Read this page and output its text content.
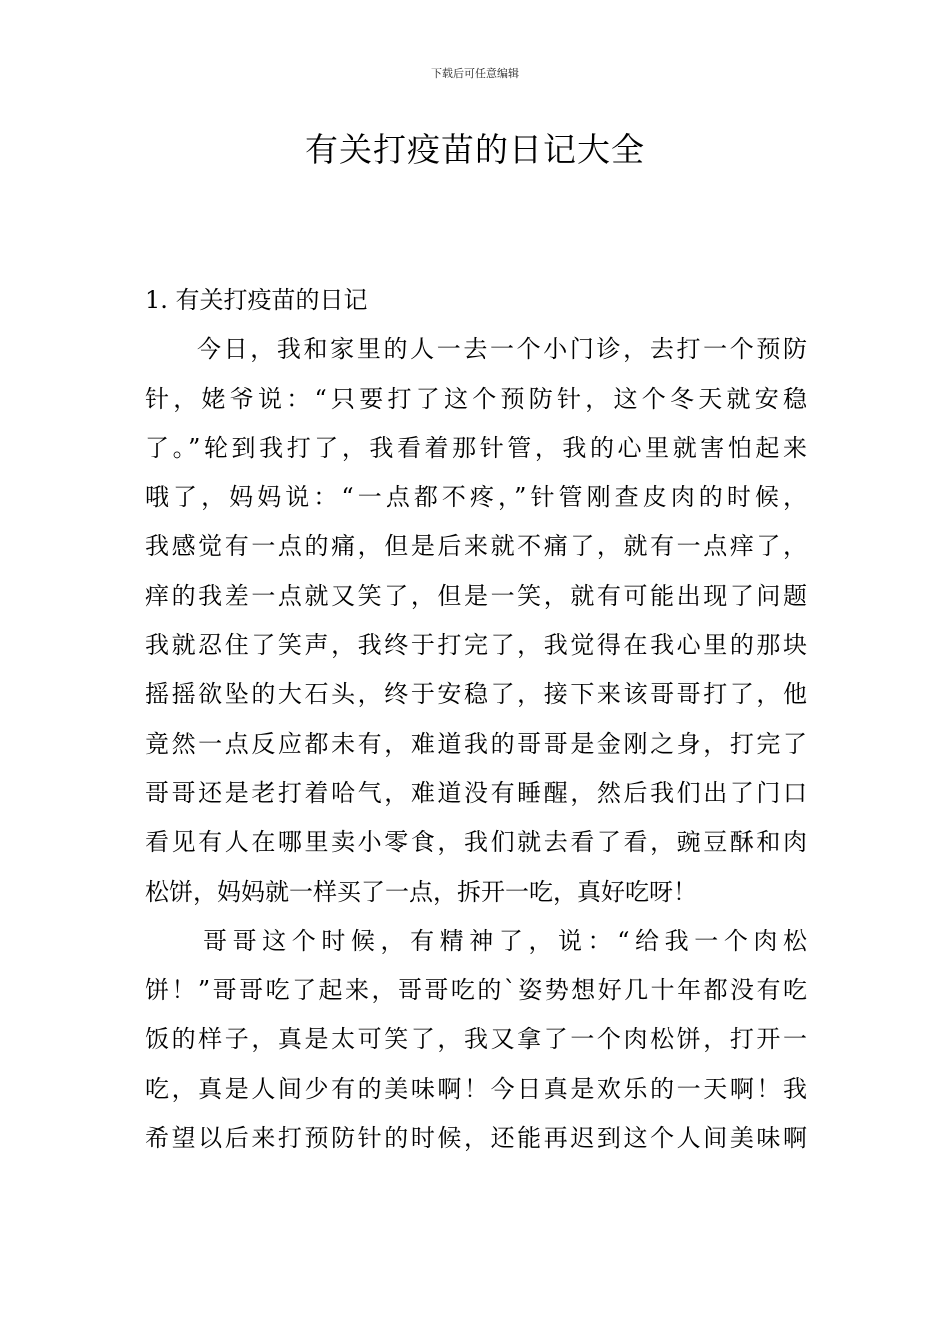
下载后可任意编辑
有关打疫苗的日记大全
1. 有关打疫苗的日记
今日，我和家里的人一去一个小门诊，去打一个预防
针，姥爷说：“只要打了这个预防针，这个冬天就安稳
了。”轮到我打了，我看着那针管，我的心里就害怕起来
哦了，妈妈说：“一点都不疼，”针管刚查皮肉的时候，
我感觉有一点的痛，但是后来就不痛了，就有一点痒了，
痒的我差一点就又笑了，但是一笑，就有可能出现了问题
我就忍住了笑声，我终于打完了，我觉得在我心里的那块
摇摇欲坠的大石头，终于安稳了，接下来该哥哥打了，他
竟然一点反应都未有，难道我的哥哥是金刚之身，打完了
哥哥还是老打着哈气，难道没有睡醒，然后我们出了门口
看见有人在哪里卖小零食，我们就去看了看，豌豆酥和肉
松饼，妈妈就一样买了一点，拆开一吃，真好吃呀！
哥哥这个时候，有精神了，说：“给我一个肉松
饼！”哥哥吃了起来，哥哥吃的`姿势想好几十年都没有吃
饭的样子，真是太可笑了，我又拿了一个肉松饼，打开一
吃，真是人间少有的美味啊！今日真是欢乐的一天啊！我
希望以后来打预防针的时候，还能再迟到这个人间美味啊
